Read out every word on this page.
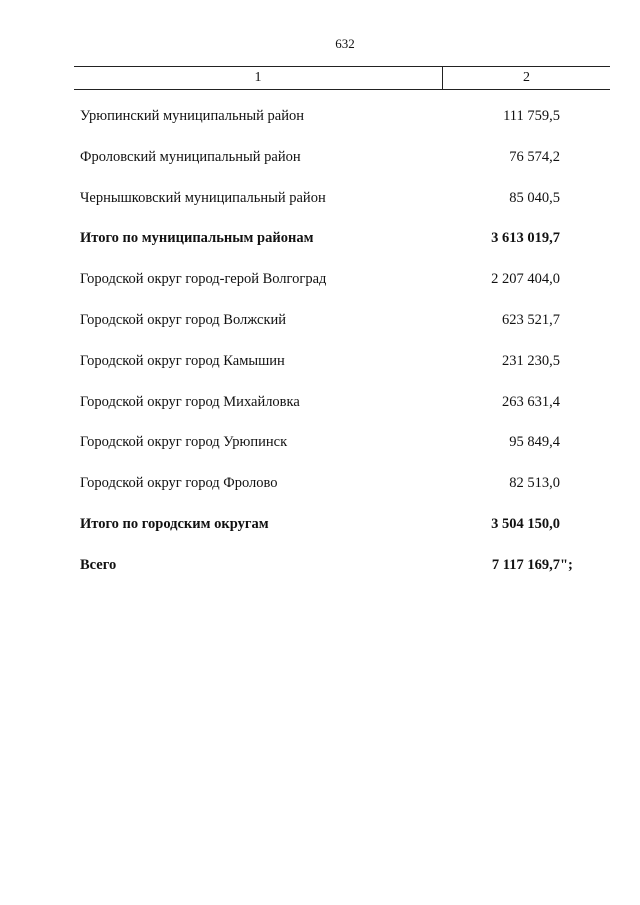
632
1	2
Урюпинский муниципальный район	111 759,5
Фроловский муниципальный район	76 574,2
Чернышковский муниципальный район	85 040,5
Итого по муниципальным районам	3 613 019,7
Городской округ город-герой Волгоград	2 207 404,0
Городской округ город Волжский	623 521,7
Городской округ город Камышин	231 230,5
Городской округ город Михайловка	263 631,4
Городской округ город Урюпинск	95 849,4
Городской округ город Фролово	82 513,0
Итого по городским округам	3 504 150,0
Всего	7 117 169,7 ";
